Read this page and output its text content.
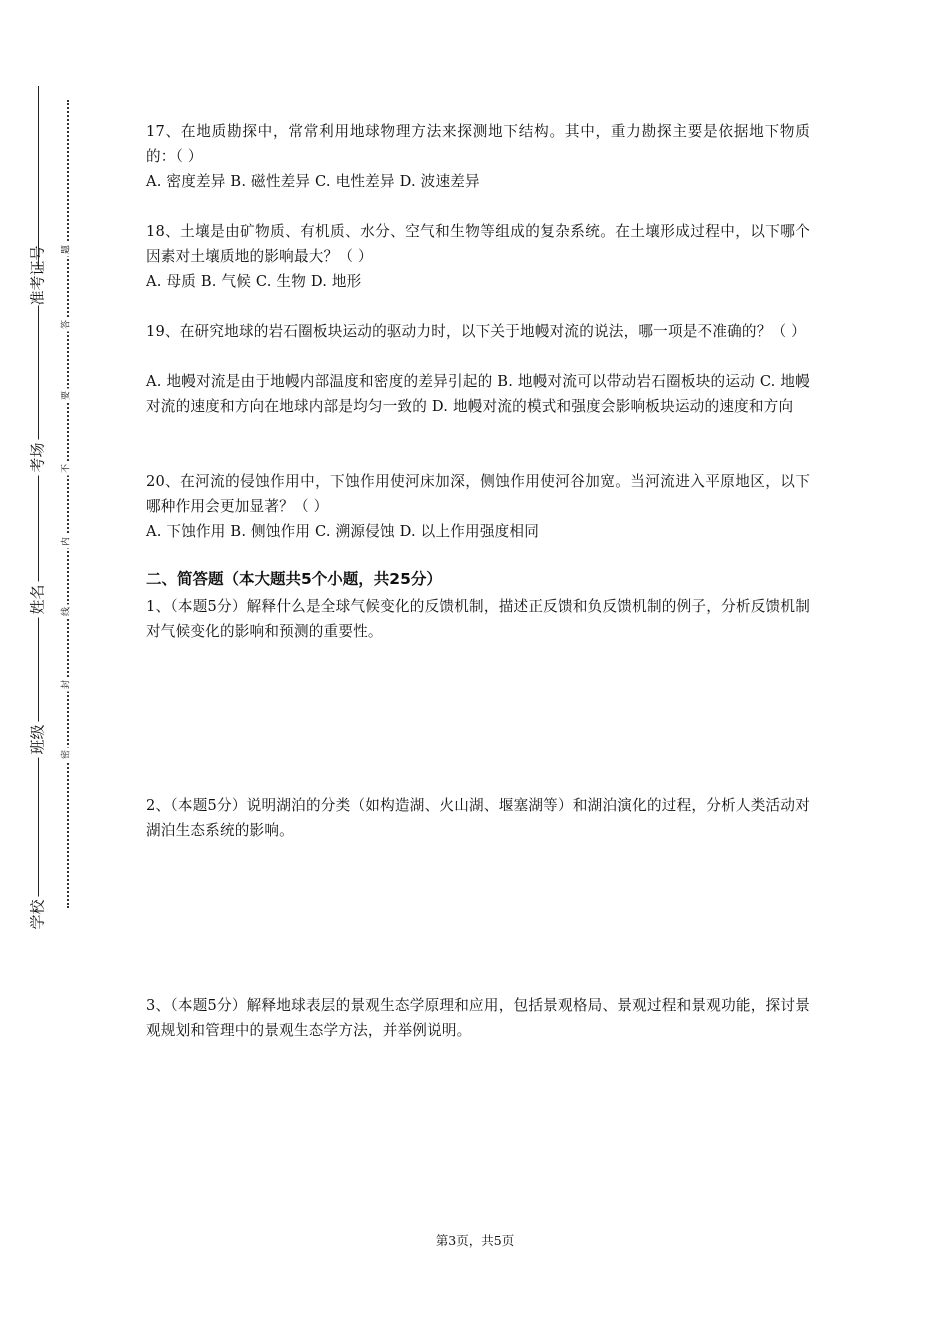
准考证号
考场
姓名
班级
学校
题
答
要
不
内
线
封
密
17、在地质勘探中，常常利用地球物理方法来探测地下结构。其中，重力勘探主要是依据地下物质的：（ ）
A. 密度差异 B. 磁性差异 C. 电性差异 D. 波速差异
18、土壤是由矿物质、有机质、水分、空气和生物等组成的复杂系统。在土壤形成过程中，以下哪个因素对土壤质地的影响最大？（ ）
A. 母质 B. 气候 C. 生物 D. 地形
19、在研究地球的岩石圈板块运动的驱动力时，以下关于地幔对流的说法，哪一项是不准确的？（ ）
A. 地幔对流是由于地幔内部温度和密度的差异引起的 B. 地幔对流可以带动岩石圈板块的运动 C. 地幔对流的速度和方向在地球内部是均匀一致的 D. 地幔对流的模式和强度会影响板块运动的速度和方向
20、在河流的侵蚀作用中，下蚀作用使河床加深，侧蚀作用使河谷加宽。当河流进入平原地区，以下哪种作用会更加显著？（ ）
A. 下蚀作用 B. 侧蚀作用 C. 溯源侵蚀 D. 以上作用强度相同
二、简答题（本大题共5个小题，共25分）
1、（本题5分）解释什么是全球气候变化的反馈机制，描述正反馈和负反馈机制的例子，分析反馈机制对气候变化的影响和预测的重要性。
2、（本题5分）说明湖泊的分类（如构造湖、火山湖、堰塞湖等）和湖泊演化的过程，分析人类活动对湖泊生态系统的影响。
3、（本题5分）解释地球表层的景观生态学原理和应用，包括景观格局、景观过程和景观功能，探讨景观规划和管理中的景观生态学方法，并举例说明。
第3页，共5页
